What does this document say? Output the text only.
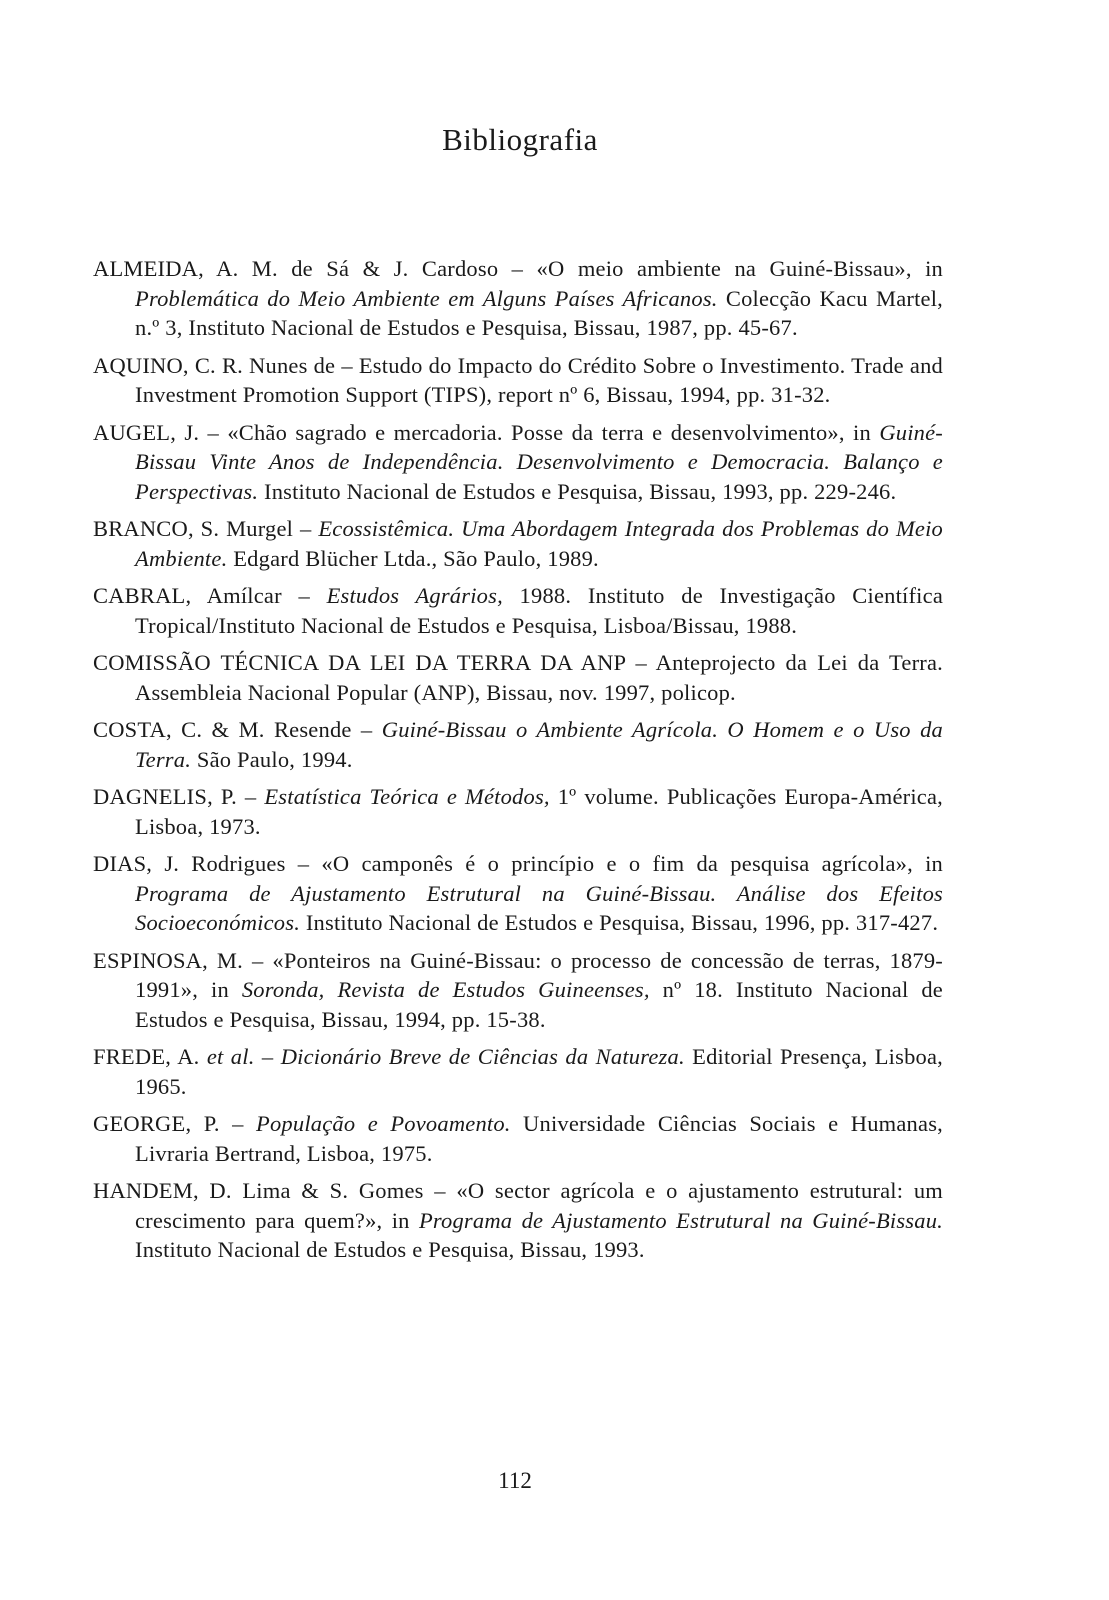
Bibliografia

ALMEIDA, A. M. de Sá & J. Cardoso – «O meio ambiente na Guiné-Bissau», in Problemática do Meio Ambiente em Alguns Países Africanos. Colecção Kacu Martel, n.º 3, Instituto Nacional de Estudos e Pesquisa, Bissau, 1987, pp. 45-67.

AQUINO, C. R. Nunes de – Estudo do Impacto do Crédito Sobre o Investimento. Trade and Investment Promotion Support (TIPS), report nº 6, Bissau, 1994, pp. 31-32.

AUGEL, J. – «Chão sagrado e mercadoria. Posse da terra e desenvolvimento», in Guiné-Bissau Vinte Anos de Independência. Desenvolvimento e Democracia. Balanço e Perspectivas. Instituto Nacional de Estudos e Pesquisa, Bissau, 1993, pp. 229-246.

BRANCO, S. Murgel – Ecossistêmica. Uma Abordagem Integrada dos Problemas do Meio Ambiente. Edgard Blücher Ltda., São Paulo, 1989.

CABRAL, Amílcar – Estudos Agrários, 1988. Instituto de Investigação Científica Tropical/Instituto Nacional de Estudos e Pesquisa, Lisboa/Bissau, 1988.

COMISSÃO TÉCNICA DA LEI DA TERRA DA ANP – Anteprojecto da Lei da Terra. Assembleia Nacional Popular (ANP), Bissau, nov. 1997, policop.

COSTA, C. & M. Resende – Guiné-Bissau o Ambiente Agrícola. O Homem e o Uso da Terra. São Paulo, 1994.

DAGNELIS, P. – Estatística Teórica e Métodos, 1º volume. Publicações Europa-América, Lisboa, 1973.

DIAS, J. Rodrigues – «O camponês é o princípio e o fim da pesquisa agrícola», in Programa de Ajustamento Estrutural na Guiné-Bissau. Análise dos Efeitos Socioeconómicos. Instituto Nacional de Estudos e Pesquisa, Bissau, 1996, pp. 317-427.

ESPINOSA, M. – «Ponteiros na Guiné-Bissau: o processo de concessão de terras, 1879-1991», in Soronda, Revista de Estudos Guineenses, nº 18. Instituto Nacional de Estudos e Pesquisa, Bissau, 1994, pp. 15-38.

FREDE, A. et al. – Dicionário Breve de Ciências da Natureza. Editorial Presença, Lisboa, 1965.

GEORGE, P. – População e Povoamento. Universidade Ciências Sociais e Humanas, Livraria Bertrand, Lisboa, 1975.

HANDEM, D. Lima & S. Gomes – «O sector agrícola e o ajustamento estrutural: um crescimento para quem?», in Programa de Ajustamento Estrutural na Guiné-Bissau. Instituto Nacional de Estudos e Pesquisa, Bissau, 1993.

112
